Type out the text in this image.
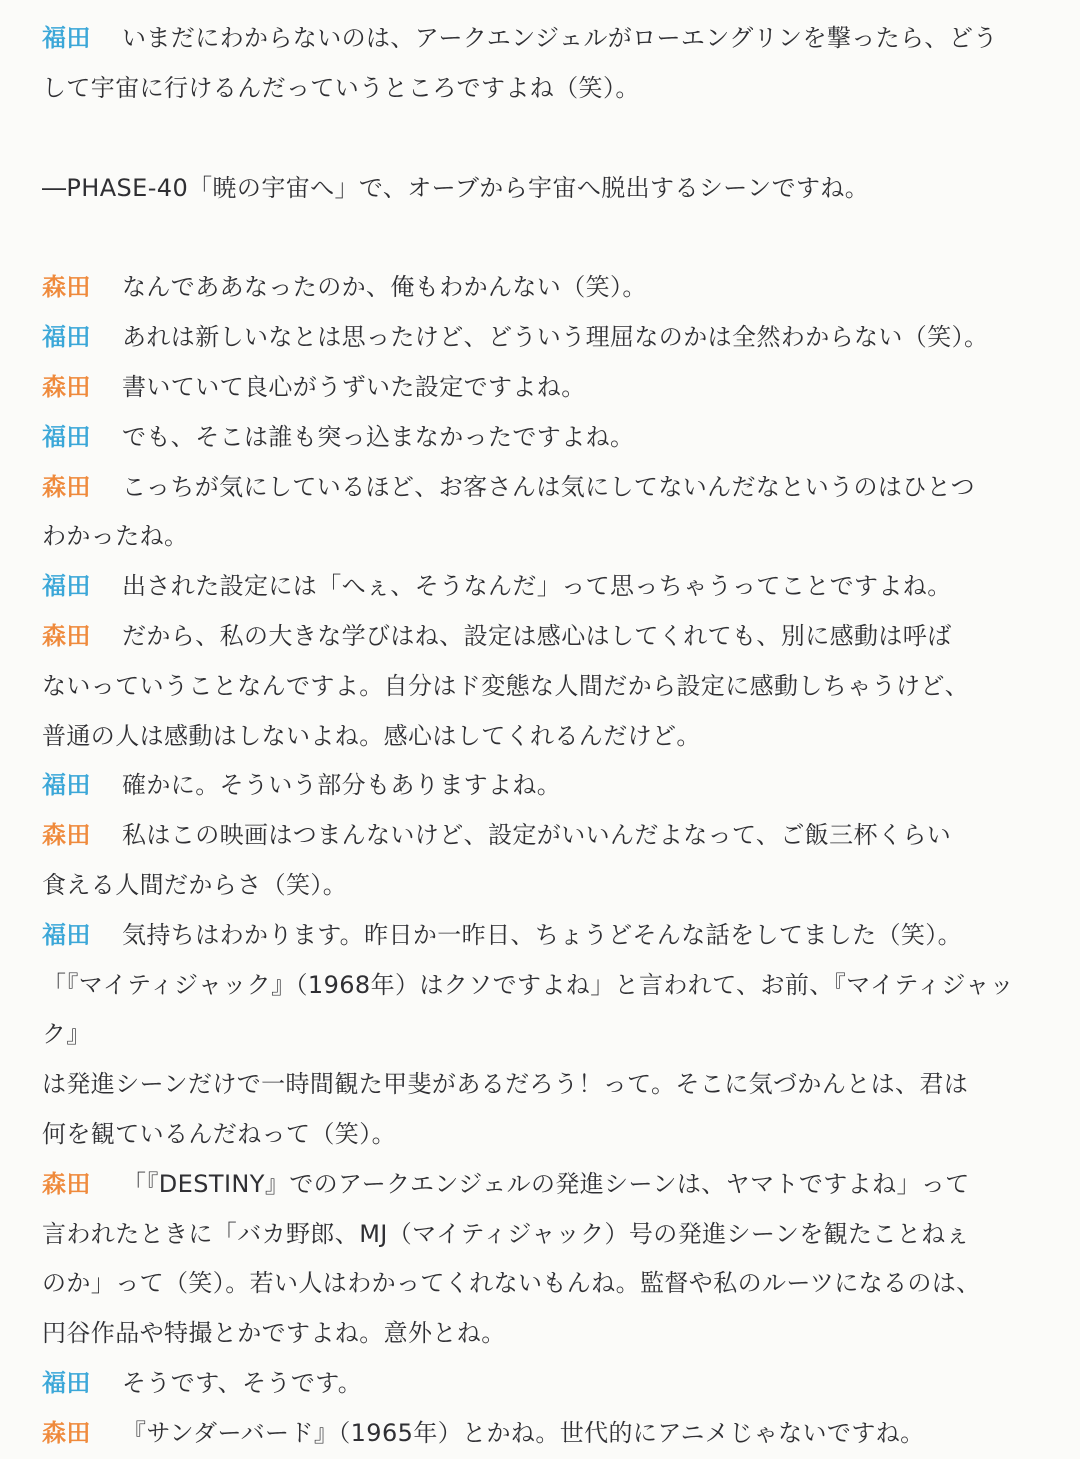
福田 いまだにわからないのは、アークエンジェルがローエングリンを撃ったら、どう
して宇宙に行けるんだっていうところですよね（笑）。

―PHASE-40「暁の宇宙へ」で、オーブから宇宙へ脱出するシーンですね。

森田 なんでああなったのか、俺もわかんない（笑）。

福田 あれは新しいなとは思ったけど、どういう理屈なのかは全然わからない（笑）。

森田 書いていて良心がうずいた設定ですよね。

福田 でも、そこは誰も突っ込まなかったですよね。

森田 こっちが気にしているほど、お客さんは気にしてないんだなというのはひとつ
わかったね。

福田 出された設定には「へぇ、そうなんだ」って思っちゃうってことですよね。

森田 だから、私の大きな学びはね、設定は感心はしてくれても、別に感動は呼ば
ないっていうことなんですよ。自分はド変態な人間だから設定に感動しちゃうけど、
普通の人は感動はしないよね。感心はしてくれるんだけど。

福田 確かに。そういう部分もありますよね。

森田 私はこの映画はつまんないけど、設定がいいんだよなって、ご飯三杯くらい
食える人間だからさ（笑）。

福田 気持ちはわかります。昨日か一昨日、ちょうどそんな話をしてました（笑）。
「『マイティジャック』（1968年）はクソですよね」と言われて、お前、『マイティジャック』
は発進シーンだけで一時間観た甲斐があるだろう！って。そこに気づかんとは、君は
何を観ているんだねって（笑）。

森田 「『DESTINY』でのアークエンジェルの発進シーンは、ヤマトですよね」って
言われたときに「バカ野郎、MJ（マイティジャック）号の発進シーンを観たことねぇ
のか」って（笑）。若い人はわかってくれないもんね。監督や私のルーツになるのは、
円谷作品や特撮とかですよね。意外とね。

福田 そうです、そうです。

森田 『サンダーバード』（1965年）とかね。世代的にアニメじゃないですね。
